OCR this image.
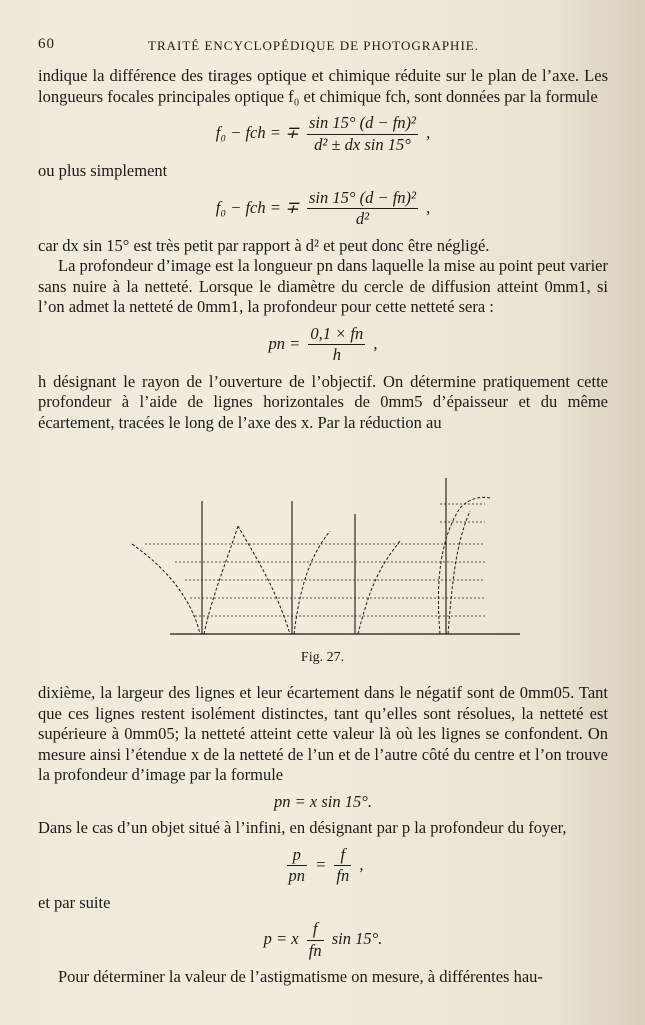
60	TRAITÉ ENCYCLOPÉDIQUE DE PHOTOGRAPHIE.

indique la différence des tirages optique et chimique réduite sur le plan de l’axe. Les longueurs focales principales optique f₀ et chimique fch, sont données par la formule

f₀ − fch = ∓ $\frac{\text{sin 15° (d − fn)²}}{\text{d² ± dx sin 15°}}$ ,

ou plus simplement

f₀ − fch = ∓ $\frac{\text{sin 15° (d − fn)²}}{\text{d²}}$ ,

car dx sin 15° est très petit par rapport à d² et peut donc être négligé.

La profondeur d’image est la longueur pn dans laquelle la mise au point peut varier sans nuire à la netteté. Lorsque le diamètre du cercle de diffusion atteint 0mm1, si l’on admet la netteté de 0mm1, la profondeur pour cette netteté sera :

pn = $\frac{0,1 \times fn}{h}$ ,

h désignant le rayon de l’ouverture de l’objectif. On détermine pratiquement cette profondeur à l’aide de lignes horizontales de 0mm5 d’épaisseur et du même écartement, tracées le long de l’axe des x. Par la réduction au

Fig. 27.

dixième, la largeur des lignes et leur écartement dans le négatif sont de 0mm05. Tant que ces lignes restent isolément distinctes, tant qu’elles sont résolues, la netteté est supérieure à 0mm05; la netteté atteint cette valeur là où les lignes se confondent. On mesure ainsi l’étendue x de la netteté de l’un et de l’autre côté du centre et l’on trouve la profondeur d’image par la formule

pn = x sin 15°.

Dans le cas d’un objet situé à l’infini, en désignant par p la profondeur du foyer,

$\frac{p}{pn} = \frac{f}{fn}$ ,

et par suite

p = x $\frac{f}{fn}$ sin 15°.

Pour déterminer la valeur de l’astigmatisme on mesure, à différentes hau-
